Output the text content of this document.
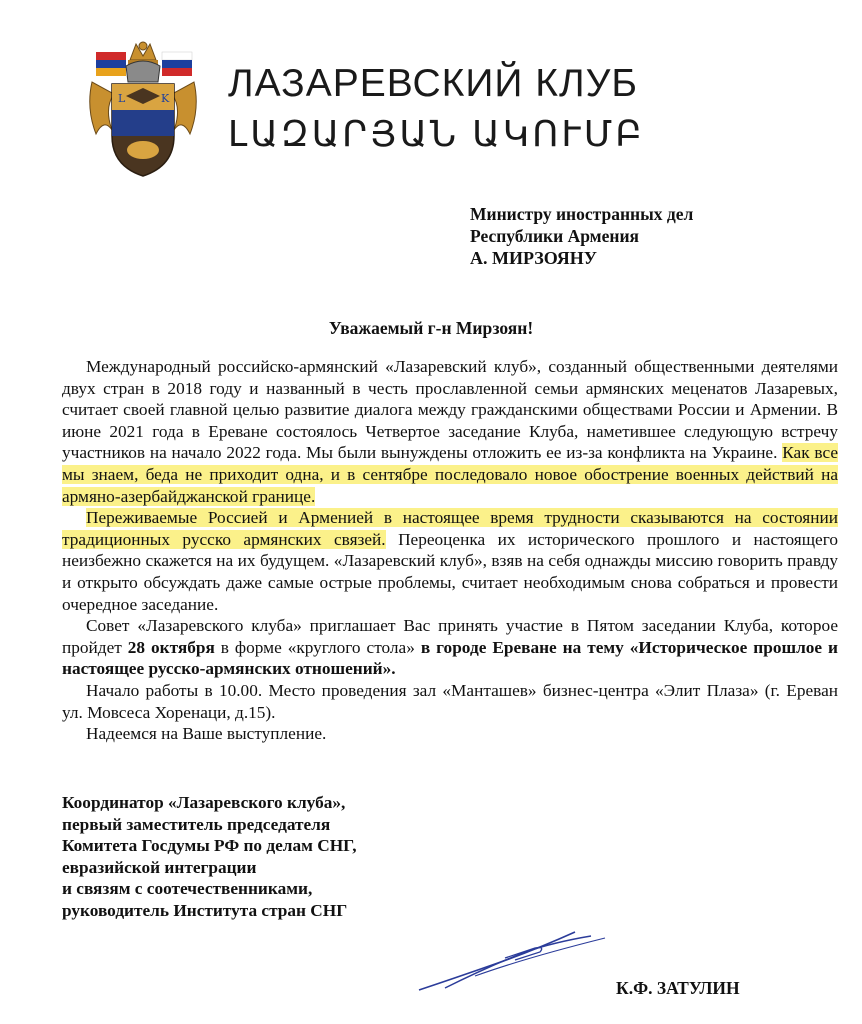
L	K ЛАЗАРЕВСКИЙ КЛУБ
ԼԱԶԱՐՅԱՆ ԱԿՈՒՄԲ
Министру иностранных дел
Республики Армения
А. МИРЗОЯНУ
Уважаемый г-н Мирзоян!

Международный российско-армянский «Лазаревский клуб», созданный общественными деятелями двух стран в 2018 году и названный в честь прославленной семьи армянских меценатов Лазаревых, считает своей главной целью развитие диалога между гражданскими обществами России и Армении. В июне 2021 года в Ереване состоялось Четвертое заседание Клуба, наметившее следующую встречу участников на начало 2022 года. Мы были вынуждены отложить ее из-за конфликта на Украине. Как все мы знаем, беда не приходит одна, и в сентябре последовало новое обострение военных действий на армяно-азербайджанской границе.

Переживаемые Россией и Арменией в настоящее время трудности сказываются на состоянии традиционных русско армянских связей. Переоценка их исторического прошлого и настоящего неизбежно скажется на их будущем. «Лазаревский клуб», взяв на себя однажды миссию говорить правду и открыто обсуждать даже самые острые проблемы, считает необходимым снова собраться и провести очередное заседание.

Совет «Лазаревского клуба» приглашает Вас принять участие в Пятом заседании Клуба, которое пройдет 28 октября в форме «круглого стола» в городе Ереване на тему «Историческое прошлое и настоящее русско-армянских отношений».

Начало работы в 10.00. Место проведения зал «Манташев» бизнес-центра «Элит Плаза» (г. Ереван ул. Мовсеса Хоренаци, д.15).

Надеемся на Ваше выступление.

Координатор «Лазаревского клуба»,
первый заместитель председателя
Комитета Госдумы РФ по делам СНГ,
евразийской интеграции
и связям с соотечественниками,
руководитель Института стран СНГ
К.Ф. ЗАТУЛИН
